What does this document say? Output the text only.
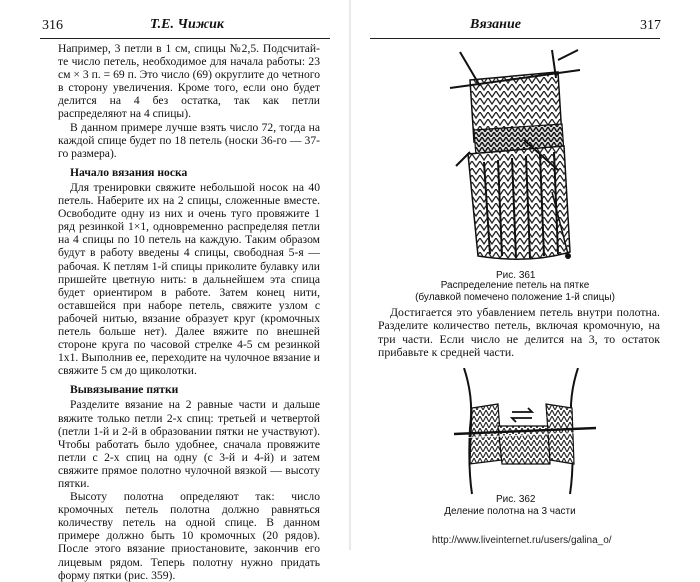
316	Т.Е. Чижик

Например, 3 петли в 1 см, спицы №2,5. Подсчитай-те число петель, необходимое для начала работы: 23 см × 3 п. = 69 п. Это число (69) округлите до четного в сторону увеличения. Кроме того, если оно будет делится на 4 без остатка, так как петли распределяют на 4 спицы).

В данном примере лучше взять число 72, тогда на каждой спице будет по 18 петель (носки 36-го — 37-го размера).

Начало вязания носка

Для тренировки свяжите небольшой носок на 40 петель. Наберите их на 2 спицы, сложенные вместе. Освободите одну из них и очень туго провяжите 1 ряд резинкой 1×1, одновременно распределяя петли на 4 спицы по 10 петель на каждую. Таким образом будут в работу введены 4 спицы, свободная 5-я — рабочая. К петлям 1-й спицы приколите булавку или пришейте цветную нить: в дальнейшем эта спица будет ориентиром в работе. Затем конец нити, оставшейся при наборе петель, свяжите узлом с рабочей нитью, вязание образует круг (кромочных петель больше нет). Далее вяжите по внешней стороне круга по часовой стрелке 4-5 см резинкой 1х1. Выполнив ее, переходите на чулочное вязание и свяжите 5 см до щиколотки.

Вывязывание пятки

Разделите вязание на 2 равные части и дальше вяжите только петли 2-х спиц: третьей и четвертой (петли 1-й и 2-й в образовании пятки не участвуют). Чтобы работать было удобнее, сначала провяжите петли с 2-х спиц на одну (с 3-й и 4-й) и затем свяжите прямое полотно чулочной вязкой — высоту пятки.

Высоту полотна определяют так: число кромочных петель полотна должно равняться количеству петель на одной спице. В данном примере должно быть 10 кромочных (20 рядов). После этого вязание приостановите, закончив его лицевым рядом. Теперь полотну нужно придать форму пятки (рис. 359).

Вязание	317
Рис. 361
Распределение петель на пятке
(булавкой помечено положение 1-й спицы)

Достигается это убавлением петель внутри полотна. Разделите количество петель, включая кромочную, на три части. Если число не делится на 3, то остаток прибавьте к средней части.

Рис. 362
Деление полотна на 3 части
http://www.liveinternet.ru/users/galina_o/
